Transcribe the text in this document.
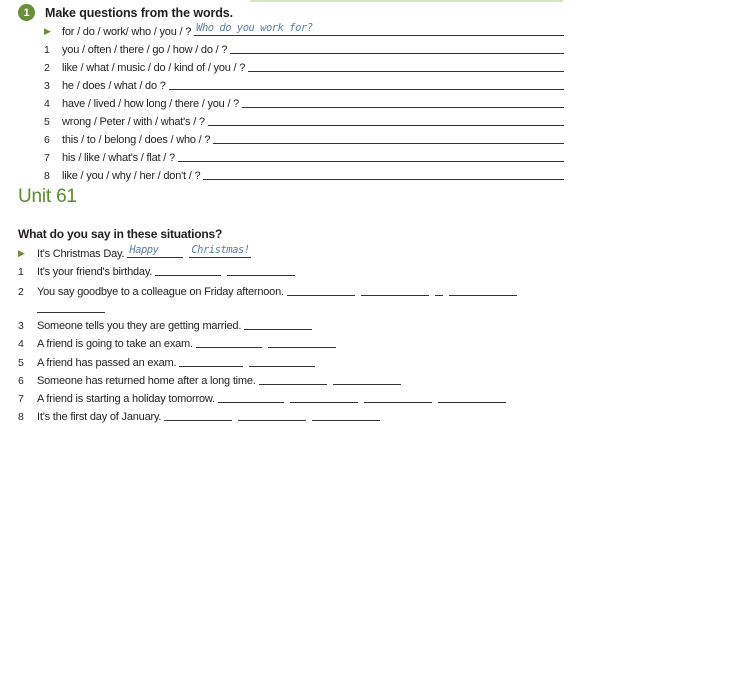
1	Make questions from the words.
▶	for / do / work/ who / you / ? Who do you work for?
1	you / often / there / go / how / do / ?
2	like / what / music / do / kind of / you / ?
3	he / does / what / do ?
4	have / lived / how long / there / you / ?
5	wrong / Peter / with / what's / ?
6	this / to / belong / does / who / ?
7	his / like / what's / flat / ?
8	like / you / why / her / don't / ?
Unit 61
What do you say in these situations?
▶	It's Christmas Day. Happy	Christmas!
1	It's your friend's birthday.
2	You say goodbye to a colleague on Friday afternoon.
3	Someone tells you they are getting married.
4	A friend is going to take an exam.
5	A friend has passed an exam.
6	Someone has returned home after a long time.
7	A friend is starting a holiday tomorrow.
8	It's the first day of January.
